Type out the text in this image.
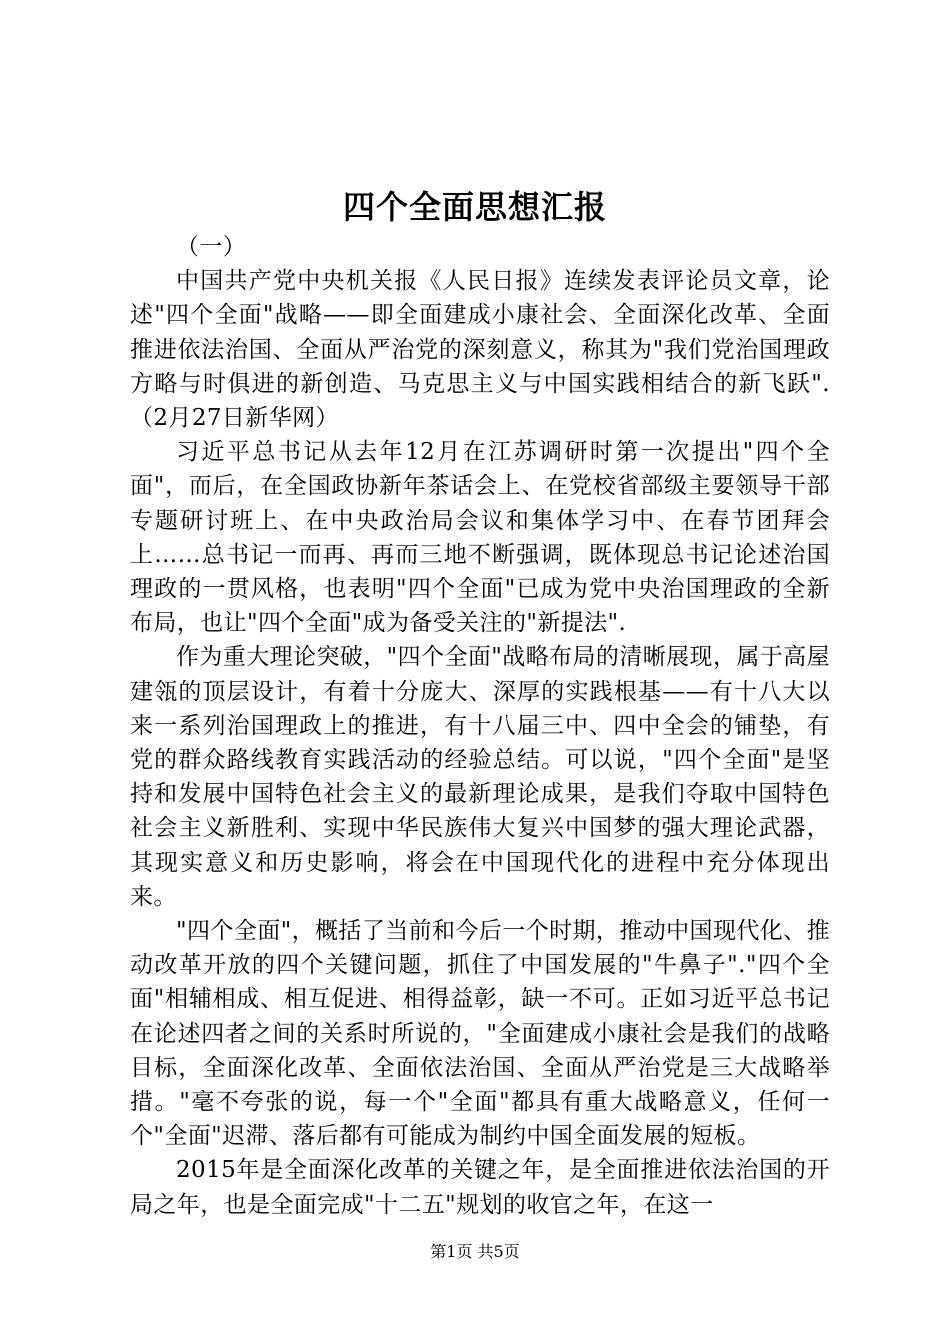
四个全面思想汇报

（一）

中国共产党中央机关报《人民日报》连续发表评论员文章，论述"四个全面"战略——即全面建成小康社会、全面深化改革、全面推进依法治国、全面从严治党的深刻意义，称其为"我们党治国理政方略与时俱进的新创造、马克思主义与中国实践相结合的新飞跃".（2月27日新华网）

习近平总书记从去年12月在江苏调研时第一次提出"四个全面"，而后，在全国政协新年茶话会上、在党校省部级主要领导干部专题研讨班上、在中央政治局会议和集体学习中、在春节团拜会上……总书记一而再、再而三地不断强调，既体现总书记论述治国理政的一贯风格，也表明"四个全面"已成为党中央治国理政的全新布局，也让"四个全面"成为备受关注的"新提法".

作为重大理论突破，"四个全面"战略布局的清晰展现，属于高屋建瓴的顶层设计，有着十分庞大、深厚的实践根基——有十八大以来一系列治国理政上的推进，有十八届三中、四中全会的铺垫，有党的群众路线教育实践活动的经验总结。可以说，"四个全面"是坚持和发展中国特色社会主义的最新理论成果，是我们夺取中国特色社会主义新胜利、实现中华民族伟大复兴中国梦的强大理论武器，其现实意义和历史影响，将会在中国现代化的进程中充分体现出来。

"四个全面"，概括了当前和今后一个时期，推动中国现代化、推动改革开放的四个关键问题，抓住了中国发展的"牛鼻子"."四个全面"相辅相成、相互促进、相得益彰，缺一不可。正如习近平总书记在论述四者之间的关系时所说的，"全面建成小康社会是我们的战略目标，全面深化改革、全面依法治国、全面从严治党是三大战略举措。"毫不夸张的说，每一个"全面"都具有重大战略意义，任何一个"全面"迟滞、落后都有可能成为制约中国全面发展的短板。

2015年是全面深化改革的关键之年，是全面推进依法治国的开局之年，也是全面完成"十二五"规划的收官之年，在这一

第1页 共5页
